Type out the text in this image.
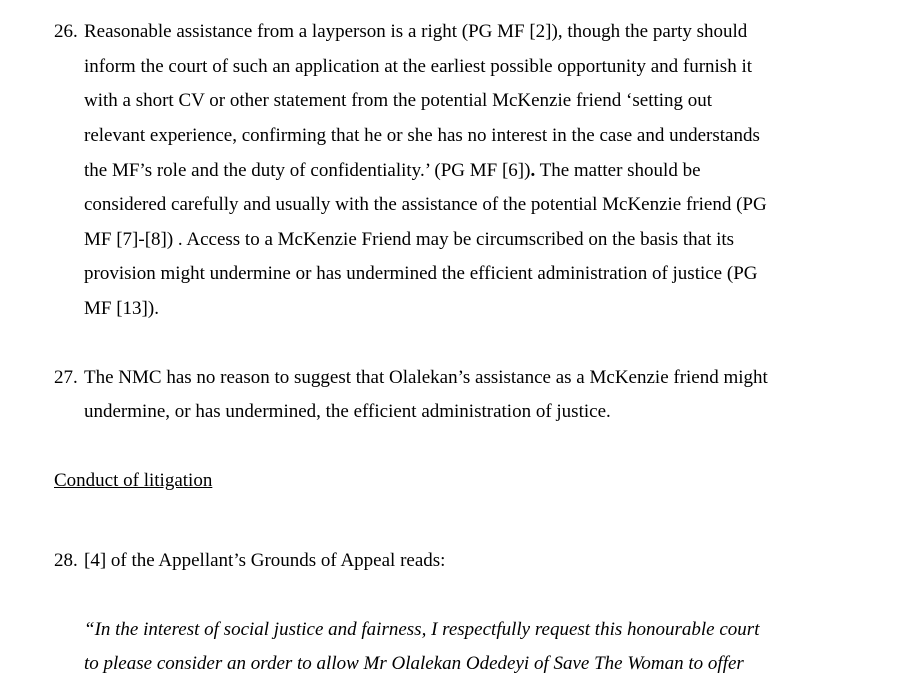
26. Reasonable assistance from a layperson is a right (PG MF [2]), though the party should
inform the court of such an application at the earliest possible opportunity and furnish it
with a short CV or other statement from the potential McKenzie friend ‘setting out
relevant experience, confirming that he or she has no interest in the case and understands
the MF’s role and the duty of confidentiality.’ (PG MF [6]). The matter should be
considered carefully and usually with the assistance of the potential McKenzie friend (PG
MF [7]-[8]) . Access to a McKenzie Friend may be circumscribed on the basis that its
provision might undermine or has undermined the efficient administration of justice (PG
MF [13]).
27. The NMC has no reason to suggest that Olalekan’s assistance as a McKenzie friend might
undermine, or has undermined, the efficient administration of justice.
Conduct of litigation
28. [4] of the Appellant’s Grounds of Appeal reads:
“In the interest of social justice and fairness, I respectfully request this honourable court
to please consider an order to allow Mr Olalekan Odedeyi of Save The Woman to offer
